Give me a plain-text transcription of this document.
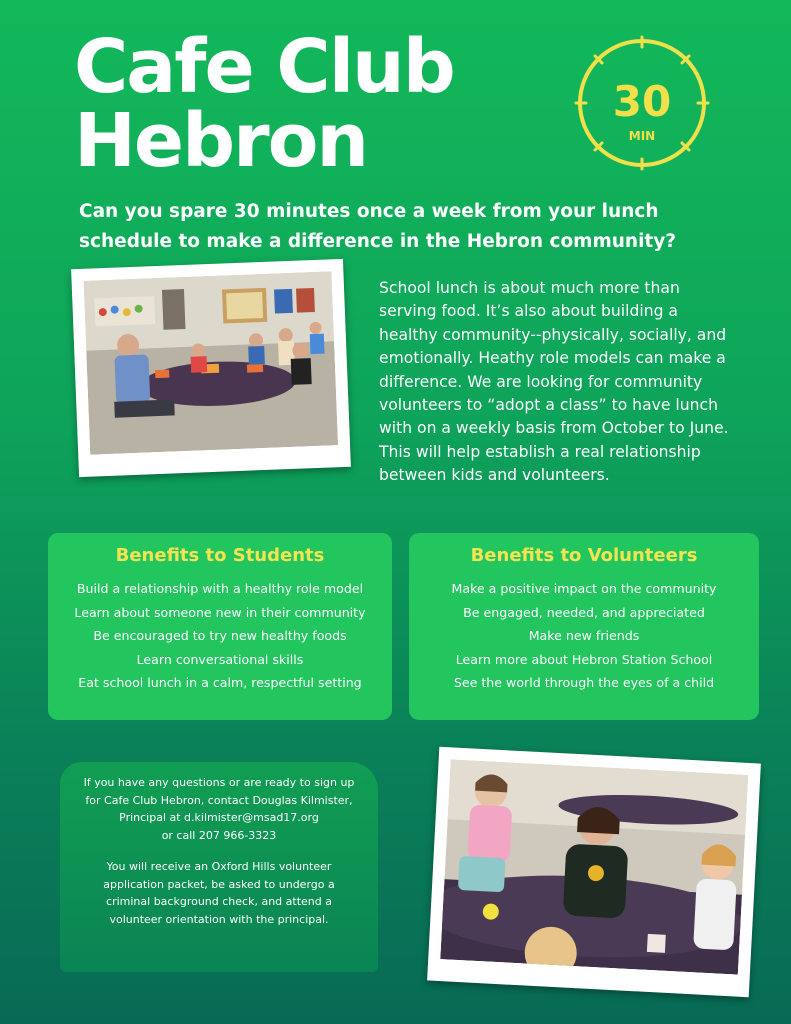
Cafe Club
Hebron	30
MIN
Can you spare 30 minutes once a week from your lunch schedule to make a difference in the Hebron community?
School lunch is about much more than
serving food. It’s also about building a
healthy community--physically, socially, and
emotionally. Heathy role models can make a
difference. We are looking for community
volunteers to “adopt a class” to have lunch
with on a weekly basis from October to June.
This will help establish a real relationship
between kids and volunteers.
Benefits to Students
Build a relationship with a healthy role model
Learn about someone new in their community
Be encouraged to try new healthy foods
Learn conversational skills
Eat school lunch in a calm, respectful setting
Benefits to Volunteers
Make a positive impact on the community
Be engaged, needed, and appreciated
Make new friends
Learn more about Hebron Station School
See the world through the eyes of a child

If you have any questions or are ready to sign up
for Cafe Club Hebron, contact Douglas Kilmister,
Principal at d.kilmister@msad17.org
or call 207 966-3323

You will receive an Oxford Hills volunteer
application packet, be asked to undergo a
criminal background check, and attend a
volunteer orientation with the principal.
